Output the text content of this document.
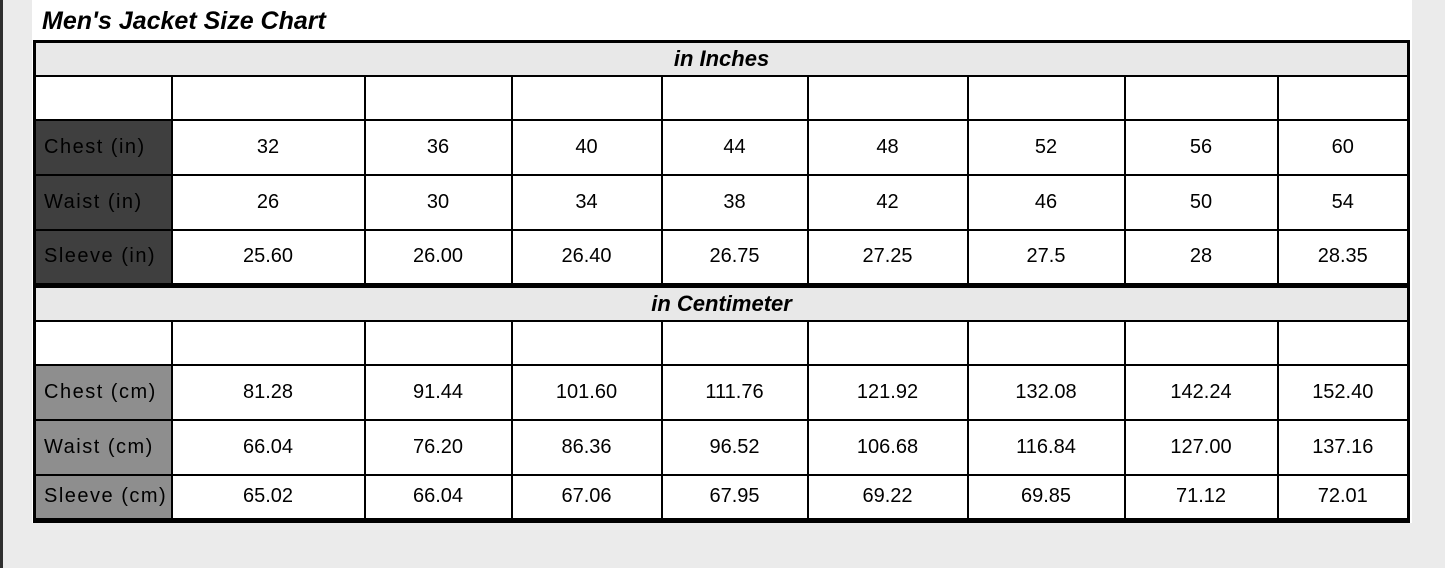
Men's Jacket Size Chart
in Inches								
US	Extra Small	Small	Medium	Large	Extra Large	2X-Large	3X-Large	4X-Large
Chest (in)	32	36	40	44	48	52	56	60
Waist (in)	26	30	34	38	42	46	50	54
Sleeve (in)	25.60	26.00	26.40	26.75	27.25	27.5	28	28.35
in Centimeter								
US	Extra Small	Small	Medium	Large	Extra Large	2X-Large	3X-Large	4X-Large
Chest (cm)	81.28	91.44	101.60	111.76	121.92	132.08	142.24	152.40
Waist (cm)	66.04	76.20	86.36	96.52	106.68	116.84	127.00	137.16
Sleeve (cm)	65.02	66.04	67.06	67.95	69.22	69.85	71.12	72.01
